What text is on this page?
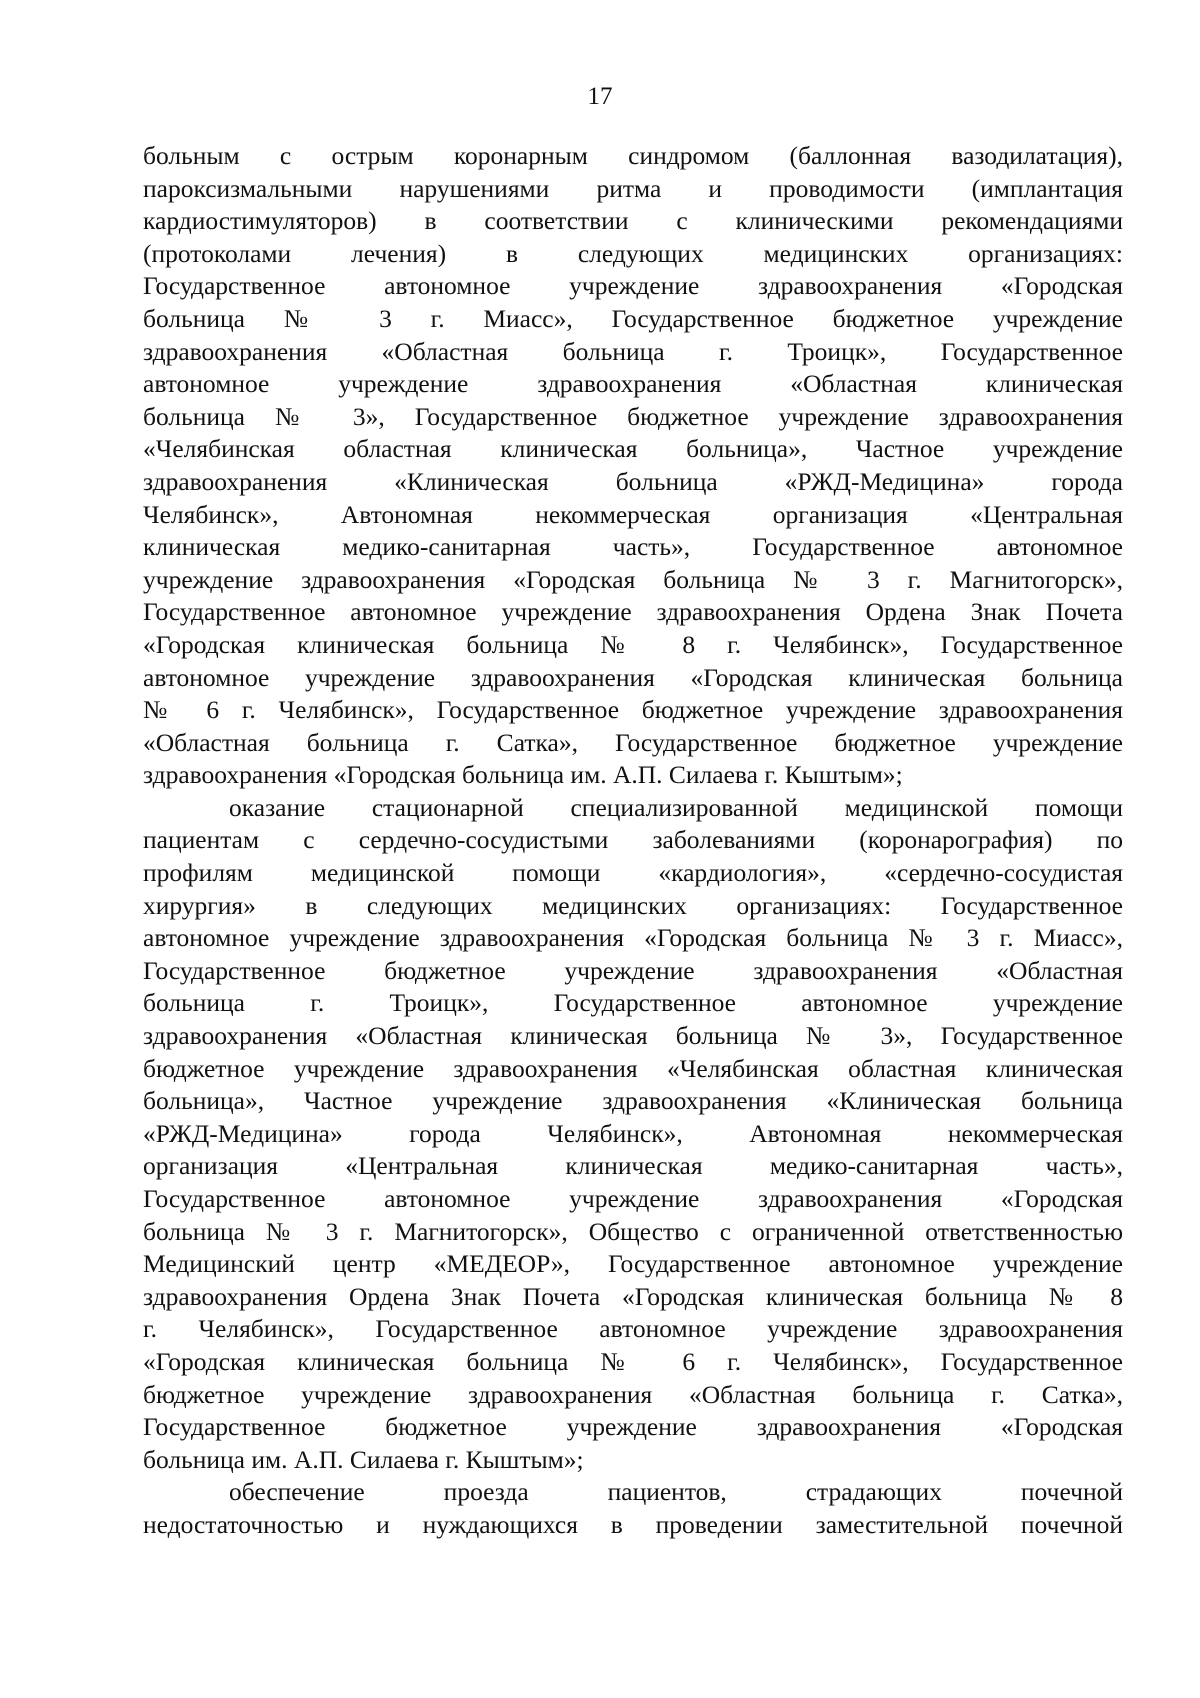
17
больным с острым коронарным синдромом (баллонная вазодилатация),
пароксизмальными нарушениями ритма и проводимости (имплантация
кардиостимуляторов) в соответствии с клиническими рекомендациями
(протоколами лечения) в следующих медицинских организациях:
Государственное автономное учреждение здравоохранения «Городская
больница № 3 г. Миасс», Государственное бюджетное учреждение
здравоохранения «Областная больница г. Троицк», Государственное
автономное учреждение здравоохранения «Областная клиническая
больница № 3», Государственное бюджетное учреждение здравоохранения
«Челябинская областная клиническая больница», Частное учреждение
здравоохранения «Клиническая больница «РЖД-Медицина» города
Челябинск», Автономная некоммерческая организация «Центральная
клиническая медико-санитарная часть», Государственное автономное
учреждение здравоохранения «Городская больница № 3 г. Магнитогорск»,
Государственное автономное учреждение здравоохранения Ордена Знак Почета
«Городская клиническая больница № 8 г. Челябинск», Государственное
автономное учреждение здравоохранения «Городская клиническая больница
№ 6 г. Челябинск», Государственное бюджетное учреждение здравоохранения
«Областная больница г. Сатка», Государственное бюджетное учреждение
здравоохранения «Городская больница им. А.П. Силаева г. Кыштым»;
оказание стационарной специализированной медицинской помощи
пациентам с сердечно-сосудистыми заболеваниями (коронарография) по
профилям медицинской помощи «кардиология», «сердечно-сосудистая
хирургия» в следующих медицинских организациях: Государственное
автономное учреждение здравоохранения «Городская больница № 3 г. Миасс»,
Государственное бюджетное учреждение здравоохранения «Областная
больница г. Троицк», Государственное автономное учреждение
здравоохранения «Областная клиническая больница № 3», Государственное
бюджетное учреждение здравоохранения «Челябинская областная клиническая
больница», Частное учреждение здравоохранения «Клиническая больница
«РЖД-Медицина» города Челябинск», Автономная некоммерческая
организация «Центральная клиническая медико-санитарная часть»,
Государственное автономное учреждение здравоохранения «Городская
больница № 3 г. Магнитогорск», Общество с ограниченной ответственностью
Медицинский центр «МЕДЕОР», Государственное автономное учреждение
здравоохранения Ордена Знак Почета «Городская клиническая больница № 8
г. Челябинск», Государственное автономное учреждение здравоохранения
«Городская клиническая больница № 6 г. Челябинск», Государственное
бюджетное учреждение здравоохранения «Областная больница г. Сатка»,
Государственное бюджетное учреждение здравоохранения «Городская
больница им. А.П. Силаева г. Кыштым»;
обеспечение проезда пациентов, страдающих почечной
недостаточностью и нуждающихся в проведении заместительной почечной
